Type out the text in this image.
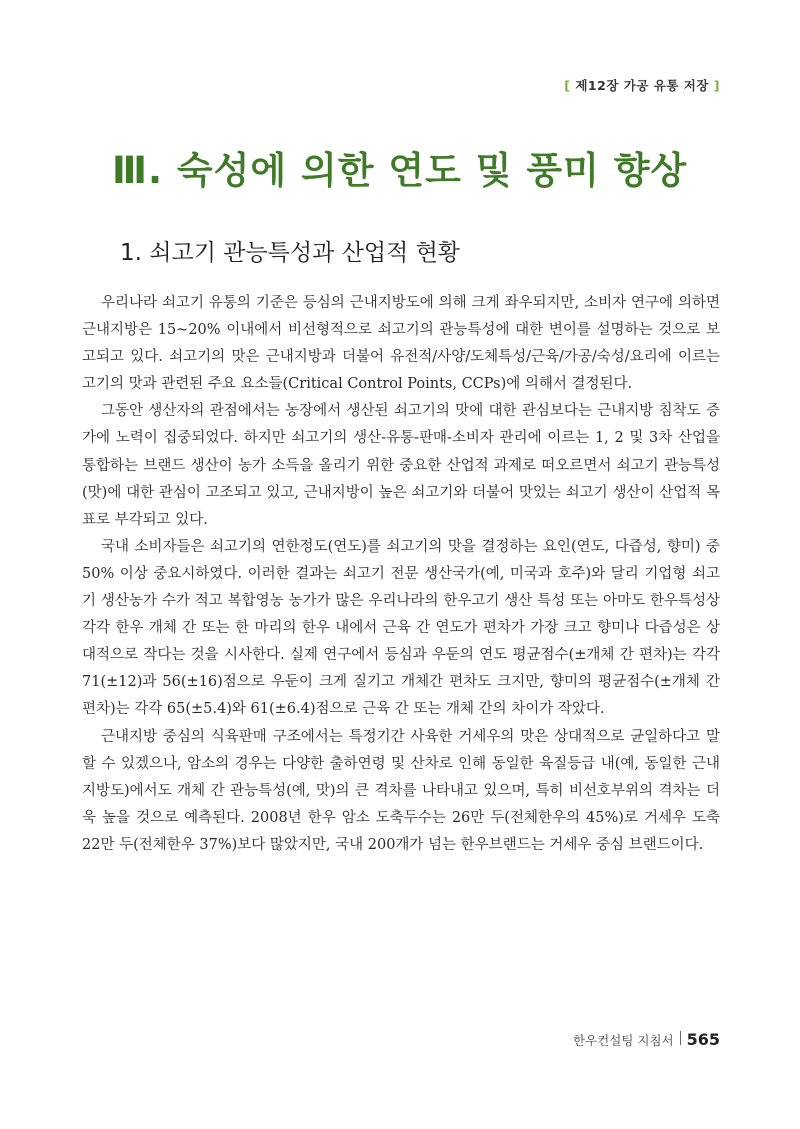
[ 제12장 가공 유통 저장 ]
Ⅲ. 숙성에 의한 연도 및 풍미 향상
1. 쇠고기 관능특성과 산업적 현황

우리나라 쇠고기 유통의 기준은 등심의 근내지방도에 의해 크게 좌우되지만, 소비자 연구에 의하면 근내지방은 15~20% 이내에서 비선형적으로 쇠고기의 관능특성에 대한 변이를 설명하는 것으로 보고되고 있다. 쇠고기의 맛은 근내지방과 더불어 유전적/사양/도체특성/근육/가공/숙성/요리에 이르는 고기의 맛과 관련된 주요 요소들(Critical Control Points, CCPs)에 의해서 결정된다.

그동안 생산자의 관점에서는 농장에서 생산된 쇠고기의 맛에 대한 관심보다는 근내지방 침착도 증가에 노력이 집중되었다. 하지만 쇠고기의 생산-유통-판매-소비자 관리에 이르는 1, 2 및 3차 산업을 통합하는 브랜드 생산이 농가 소득을 올리기 위한 중요한 산업적 과제로 떠오르면서 쇠고기 관능특성(맛)에 대한 관심이 고조되고 있고, 근내지방이 높은 쇠고기와 더불어 맛있는 쇠고기 생산이 산업적 목표로 부각되고 있다.

국내 소비자들은 쇠고기의 연한정도(연도)를 쇠고기의 맛을 결정하는 요인(연도, 다즙성, 향미) 중 50% 이상 중요시하였다. 이러한 결과는 쇠고기 전문 생산국가(예, 미국과 호주)와 달리 기업형 쇠고기 생산농가 수가 적고 복합영농 농가가 많은 우리나라의 한우고기 생산 특성 또는 아마도 한우특성상 각각 한우 개체 간 또는 한 마리의 한우 내에서 근육 간 연도가 편차가 가장 크고 향미나 다즙성은 상대적으로 작다는 것을 시사한다. 실제 연구에서 등심과 우둔의 연도 평균점수(±개체 간 편차)는 각각 71(±12)과 56(±16)점으로 우둔이 크게 질기고 개체간 편차도 크지만, 향미의 평균점수(±개체 간 편차)는 각각 65(±5.4)와 61(±6.4)점으로 근육 간 또는 개체 간의 차이가 작았다.

근내지방 중심의 식육판매 구조에서는 특정기간 사육한 거세우의 맛은 상대적으로 균일하다고 말할 수 있겠으나, 암소의 경우는 다양한 출하연령 및 산차로 인해 동일한 육질등급 내(예, 동일한 근내지방도)에서도 개체 간 관능특성(예, 맛)의 큰 격차를 나타내고 있으며, 특히 비선호부위의 격차는 더욱 높을 것으로 예측된다. 2008년 한우 암소 도축두수는 26만 두(전체한우의 45%)로 거세우 도축 22만 두(전체한우 37%)보다 많았지만, 국내 200개가 넘는 한우브랜드는 거세우 중심 브랜드이다.

한우컨설팅 지침서 565
